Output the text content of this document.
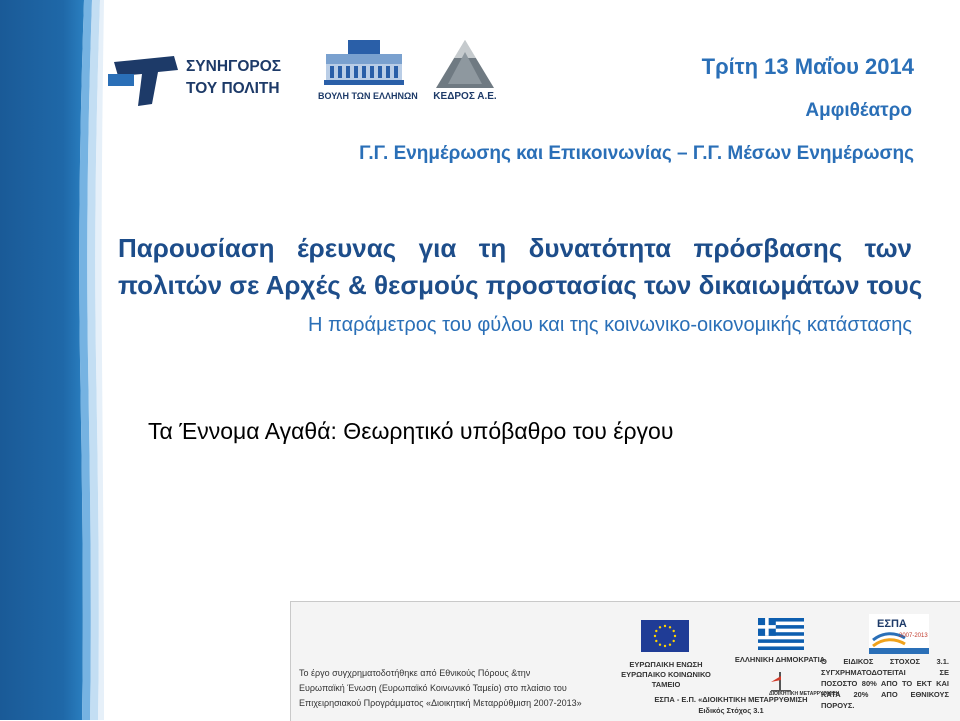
ΣΥΝΗΓΟΡΟΣ
ΤΟΥ ΠΟΛΙΤΗ	ΒΟΥΛΗ ΤΩΝ ΕΛΛΗΝΩΝ ΚΕΔΡΟΣ Α.Ε.
Τρίτη 13 Μαΐου 2014
Αμφιθέατρο
Γ.Γ. Ενημέρωσης και Επικοινωνίας – Γ.Γ. Μέσων Ενημέρωσης
Παρουσίαση έρευνας για τη δυνατότητα πρόσβασης των
πολιτών σε Αρχές & θεσμούς προστασίας των δικαιωμάτων τους
Η παράμετρος του φύλου και της κοινωνικο-οικονομικής κατάστασης
Τα Έννομα Αγαθά: Θεωρητικό υπόβαθρο του έργου
Το έργο συγχρηματοδοτήθηκε από Εθνικούς Πόρους &την
Ευρωπαϊκή Ένωση (Ευρωπαϊκό Κοινωνικό Ταμείο) στο πλαίσιο του
Επιχειρησιακού Προγράμματος «Διοικητική Μεταρρύθμιση 2007-2013»
ΕΥΡΩΠΑΙΚΗ ΕΝΩΣΗ
ΕΥΡΩΠΑΙΚΟ ΚΟΙΝΩΝΙΚΟ
ΤΑΜΕΙΟ
ΕΛΛΗΝΙΚΗ ΔΗΜΟΚΡΑΤΙΑ
ΔΙΟΙΚΗΤΙΚΗ ΜΕΤΑΡΡΥΘΜΙΣΗ
ΕΣΠΑ - Ε.Π. «ΔΙΟΙΚΗΤΙΚΗ ΜΕΤΑΡΡΥΘΜΙΣΗ
Ειδικός Στόχος 3.1
ΕΣΠΑ
2007-2013
Ο ΕΙΔΙΚΟΣ ΣΤΟΧΟΣ 3.1.
ΣΥΓΧΡΗΜΑΤΟΔΟΤΕΙΤΑΙ ΣΕ
ΠΟΣΟΣΤΟ 80% ΑΠΟ ΤΟ ΕΚΤ ΚΑΙ
ΚΑΤΑ 20% ΑΠΟ ΕΘΝΙΚΟΥΣ
ΠΟΡΟΥΣ.
